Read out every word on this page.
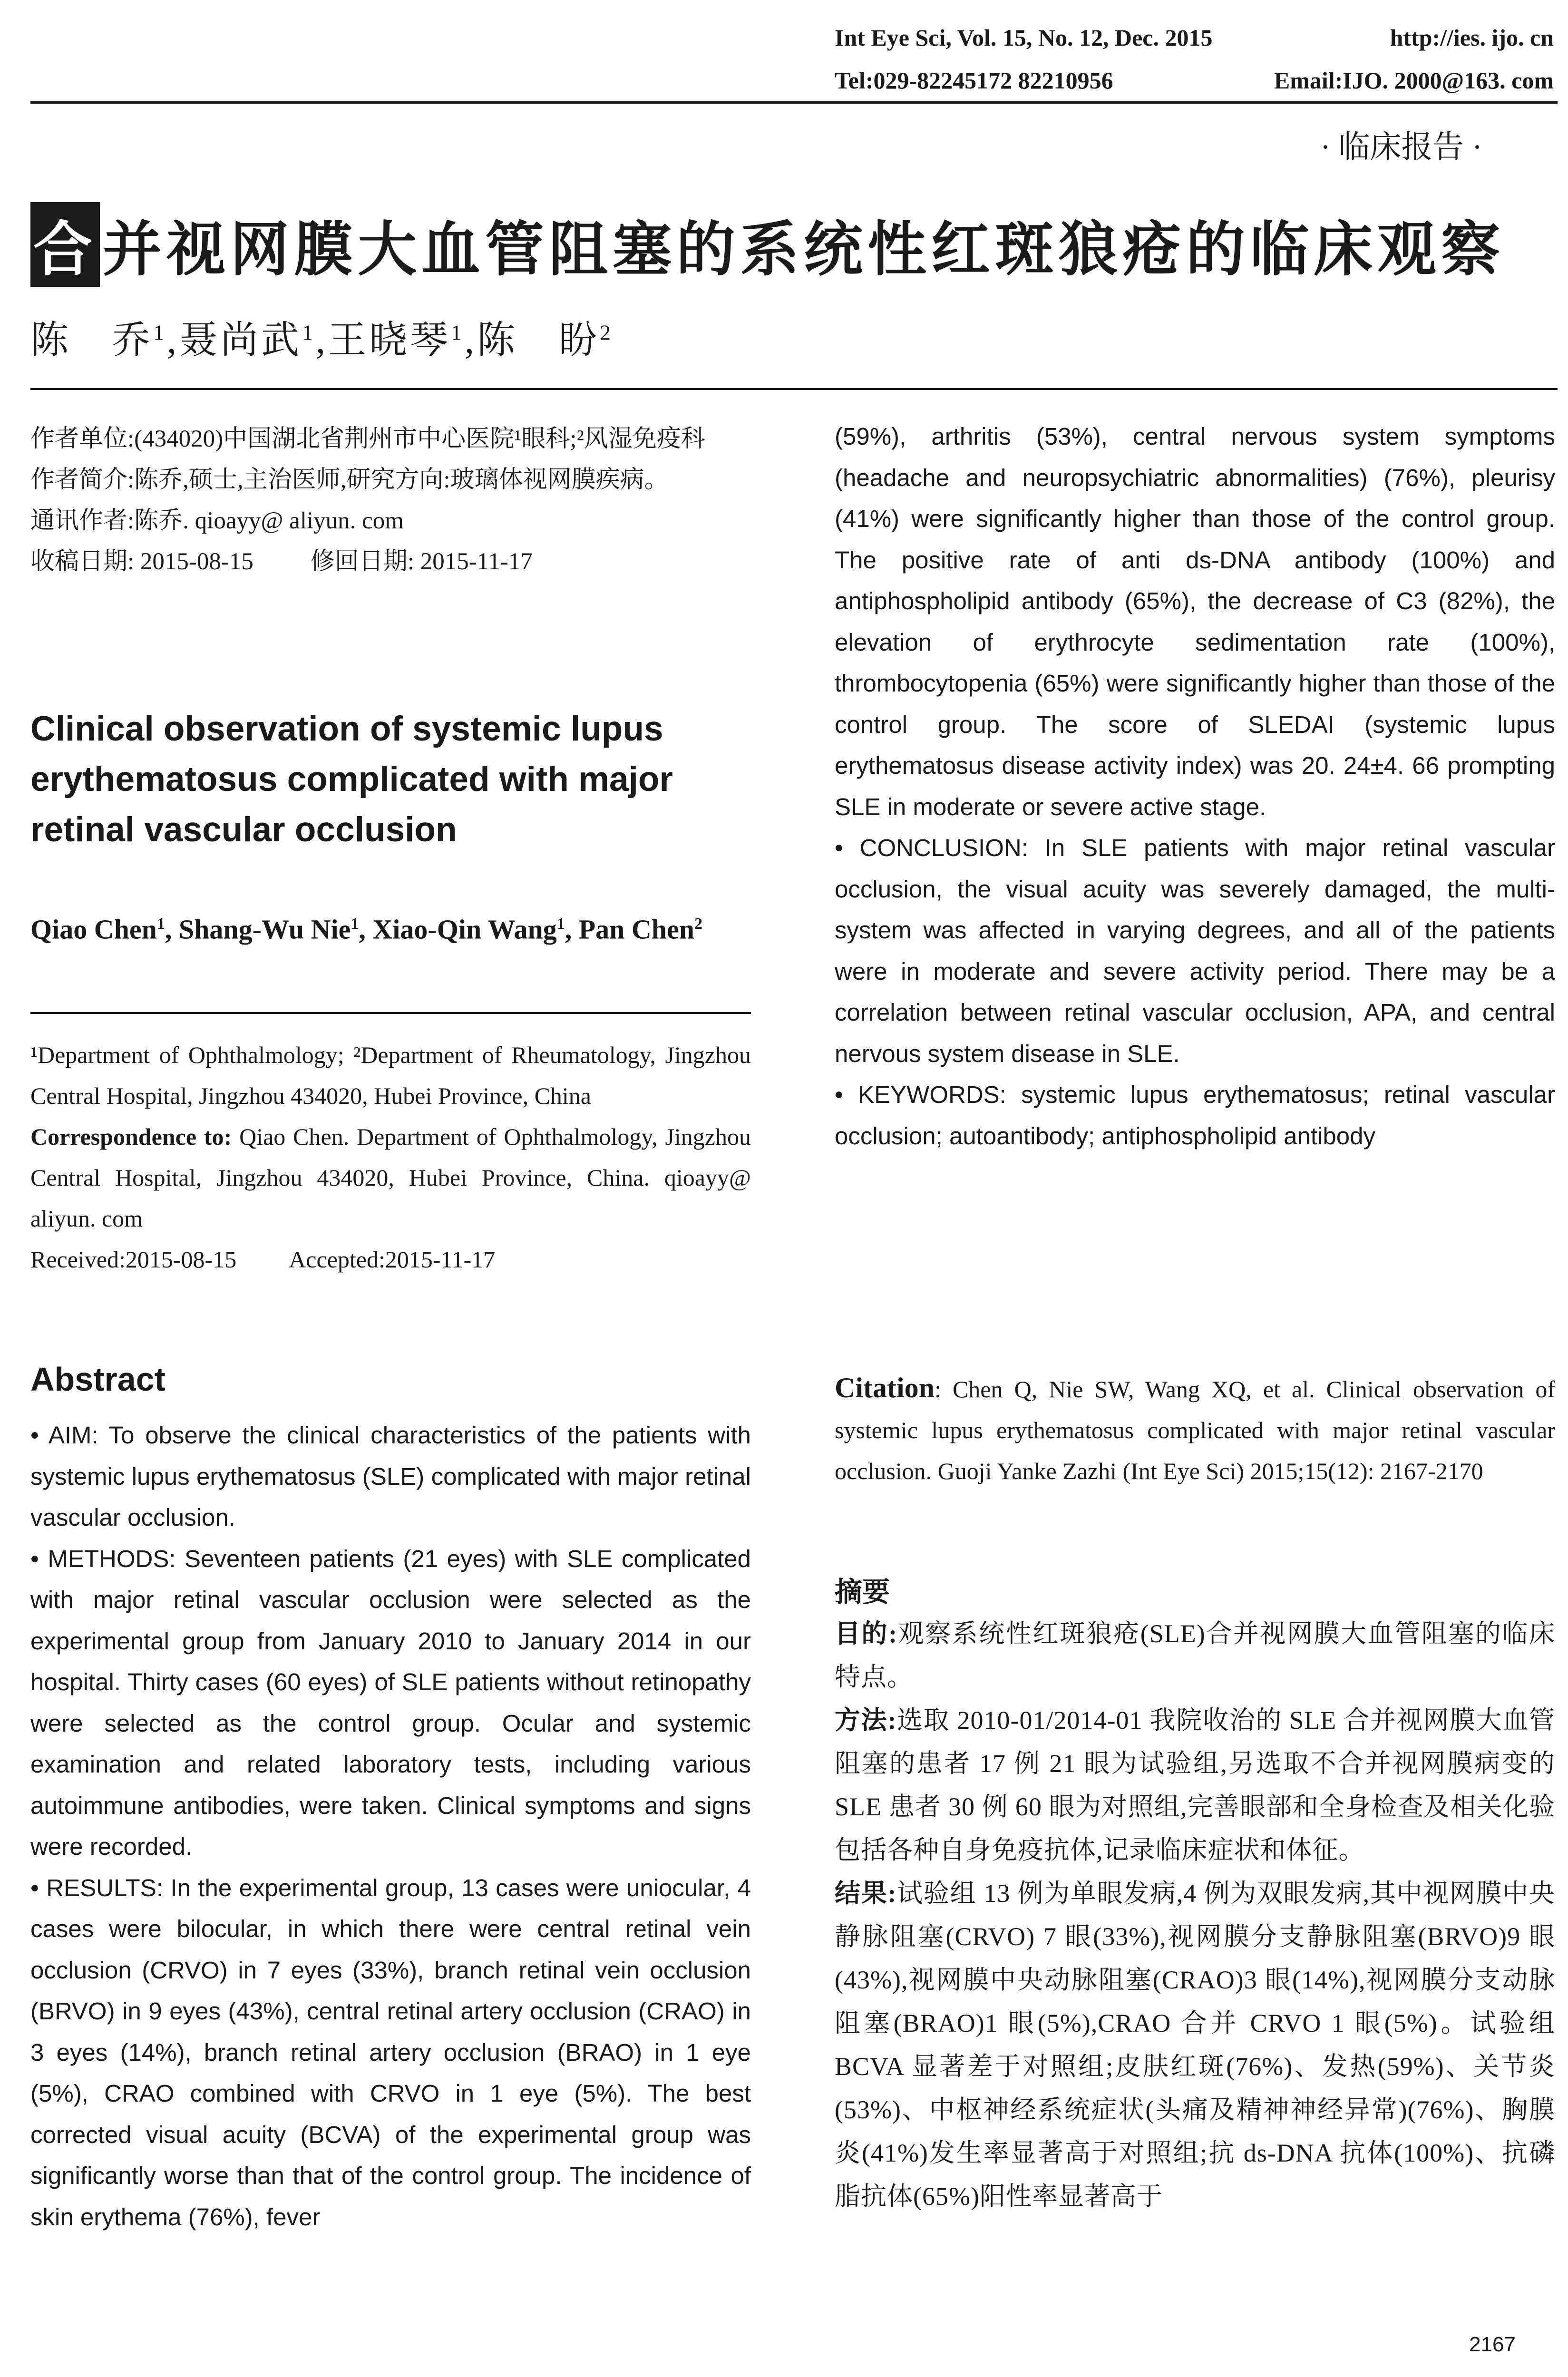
Int Eye Sci, Vol. 15, No. 12, Dec. 2015	http://ies. ijo. cn
Tel:029-82245172 82210956	Email:IJO. 2000@163. com
· 临床报告 ·
合并视网膜大血管阻塞的系统性红斑狼疮的临床观察
陈　乔$^1$,聂尚武$^1$,王晓琴$^1$,陈　盼$^2$

作者单位:(434020)中国湖北省荆州市中心医院¹眼科;²风湿免疫科

作者简介:陈乔,硕士,主治医师,研究方向:玻璃体视网膜疾病。

通讯作者:陈乔. qioayy@ aliyun. com

收稿日期: 2015-08-15 修回日期: 2015-11-17

Clinical observation of systemic lupus erythematosus complicated with major retinal vascular occlusion
Qiao Chen$^1$, Shang-Wu Nie$^1$, Xiao-Qin Wang$^1$, Pan Chen$^2$

¹Department of Ophthalmology; ²Department of Rheumatology, Jingzhou Central Hospital, Jingzhou 434020, Hubei Province, China

Correspondence to: Qiao Chen. Department of Ophthalmology, Jingzhou Central Hospital, Jingzhou 434020, Hubei Province, China. qioayy@ aliyun. com

Received:2015-08-15 Accepted:2015-11-17

Abstract

• AIM: To observe the clinical characteristics of the patients with systemic lupus erythematosus (SLE) complicated with major retinal vascular occlusion.

• METHODS: Seventeen patients (21 eyes) with SLE complicated with major retinal vascular occlusion were selected as the experimental group from January 2010 to January 2014 in our hospital. Thirty cases (60 eyes) of SLE patients without retinopathy were selected as the control group. Ocular and systemic examination and related laboratory tests, including various autoimmune antibodies, were taken. Clinical symptoms and signs were recorded.

• RESULTS: In the experimental group, 13 cases were uniocular, 4 cases were bilocular, in which there were central retinal vein occlusion (CRVO) in 7 eyes (33%), branch retinal vein occlusion (BRVO) in 9 eyes (43%), central retinal artery occlusion (CRAO) in 3 eyes (14%), branch retinal artery occlusion (BRAO) in 1 eye (5%), CRAO combined with CRVO in 1 eye (5%). The best corrected visual acuity (BCVA) of the experimental group was significantly worse than that of the control group. The incidence of skin erythema (76%), fever

(59%), arthritis (53%), central nervous system symptoms (headache and neuropsychiatric abnormalities) (76%), pleurisy (41%) were significantly higher than those of the control group. The positive rate of anti ds-DNA antibody (100%) and antiphospholipid antibody (65%), the decrease of C3 (82%), the elevation of erythrocyte sedimentation rate (100%), thrombocytopenia (65%) were significantly higher than those of the control group. The score of SLEDAI (systemic lupus erythematosus disease activity index) was 20. 24±4. 66 prompting SLE in moderate or severe active stage.

• CONCLUSION: In SLE patients with major retinal vascular occlusion, the visual acuity was severely damaged, the multi-system was affected in varying degrees, and all of the patients were in moderate and severe activity period. There may be a correlation between retinal vascular occlusion, APA, and central nervous system disease in SLE.

• KEYWORDS: systemic lupus erythematosus; retinal vascular occlusion; autoantibody; antiphospholipid antibody

Citation: Chen Q, Nie SW, Wang XQ, et al. Clinical observation of systemic lupus erythematosus complicated with major retinal vascular occlusion. Guoji Yanke Zazhi (Int Eye Sci) 2015;15(12): 2167-2170
摘要

目的:观察系统性红斑狼疮(SLE)合并视网膜大血管阻塞的临床特点。

方法:选取 2010-01/2014-01 我院收治的 SLE 合并视网膜大血管阻塞的患者 17 例 21 眼为试验组,另选取不合并视网膜病变的 SLE 患者 30 例 60 眼为对照组,完善眼部和全身检查及相关化验包括各种自身免疫抗体,记录临床症状和体征。

结果:试验组 13 例为单眼发病,4 例为双眼发病,其中视网膜中央静脉阻塞(CRVO) 7 眼(33%),视网膜分支静脉阻塞(BRVO)9 眼(43%),视网膜中央动脉阻塞(CRAO)3 眼(14%),视网膜分支动脉阻塞(BRAO)1 眼(5%),CRAO 合并 CRVO 1 眼(5%)。试验组 BCVA 显著差于对照组;皮肤红斑(76%)、发热(59%)、关节炎(53%)、中枢神经系统症状(头痛及精神神经异常)(76%)、胸膜炎(41%)发生率显著高于对照组;抗 ds-DNA 抗体(100%)、抗磷脂抗体(65%)阳性率显著高于

2167
